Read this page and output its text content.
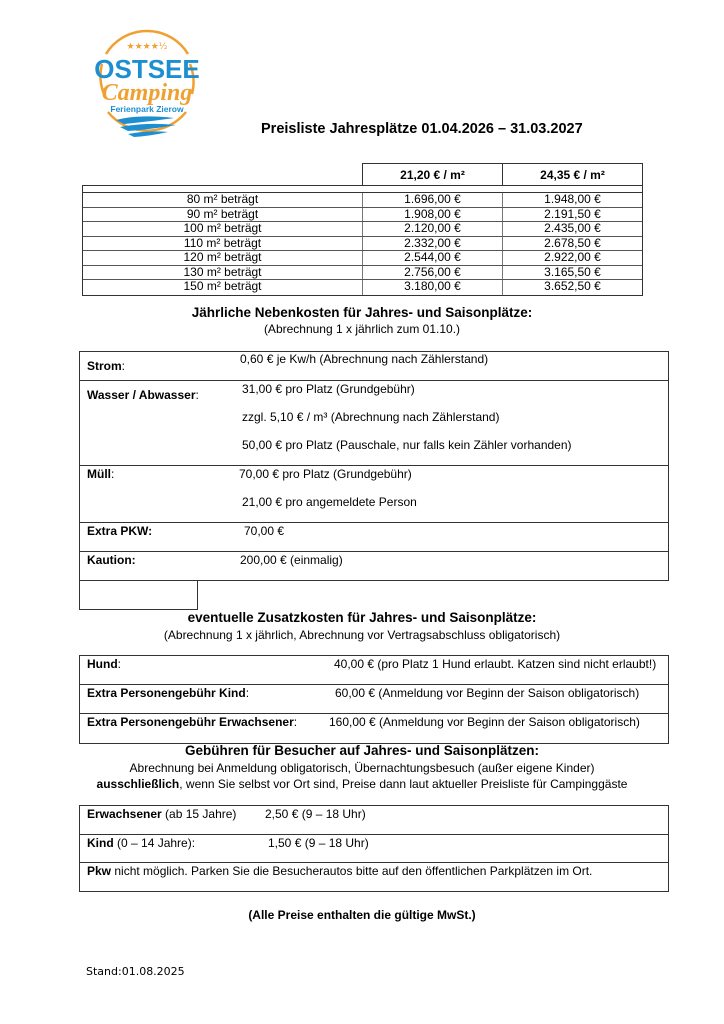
★★★★½
OSTSEE
Camping
Ferienpark Zierow
Preisliste Jahresplätze 01.04.2026 – 31.03.2027
21,20 € / m²	24,35 € / m²
80 m² beträgt	1.696,00 €	1.948,00 €
90 m² beträgt	1.908,00 €	2.191,50 €
100 m² beträgt	2.120,00 €	2.435,00 €
110 m² beträgt	2.332,00 €	2.678,50 €
120 m² beträgt	2.544,00 €	2.922,00 €
130 m² beträgt	2.756,00 €	3.165,50 €
150 m² beträgt	3.180,00 €	3.652,50 €
Jährliche Nebenkosten für Jahres- und Saisonplätze:
(Abrechnung 1 x jährlich zum 01.10.)
Strom:	0,60 € je Kw/h (Abrechnung nach Zählerstand)
Wasser / Abwasser:	31,00 € pro Platz (Grundgebühr)
zzgl. 5,10 € / m³ (Abrechnung nach Zählerstand)
50,00 € pro Platz (Pauschale, nur falls kein Zähler vorhanden)
Müll:	70,00 € pro Platz (Grundgebühr)
21,00 € pro angemeldete Person
Extra PKW:	70,00 €
Kaution:	200,00 € (einmalig)
eventuelle Zusatzkosten für Jahres- und Saisonplätze:
(Abrechnung 1 x jährlich, Abrechnung vor Vertragsabschluss obligatorisch)
Hund:	40,00 € (pro Platz 1 Hund erlaubt. Katzen sind nicht erlaubt!)
Extra Personengebühr Kind:	60,00 € (Anmeldung vor Beginn der Saison obligatorisch)
Extra Personengebühr Erwachsener:	160,00 € (Anmeldung vor Beginn der Saison obligatorisch)
Gebühren für Besucher auf Jahres- und Saisonplätzen:
Abrechnung bei Anmeldung obligatorisch, Übernachtungsbesuch (außer eigene Kinder)
ausschließlich, wenn Sie selbst vor Ort sind, Preise dann laut aktueller Preisliste für Campinggäste
Erwachsener (ab 15 Jahre) 2,50 € (9 – 18 Uhr)
Kind (0 – 14 Jahre):	1,50 € (9 – 18 Uhr)
Pkw nicht möglich. Parken Sie die Besucherautos bitte auf den öffentlichen Parkplätzen im Ort.
(Alle Preise enthalten die gültige MwSt.)
Stand:01.08.2025
